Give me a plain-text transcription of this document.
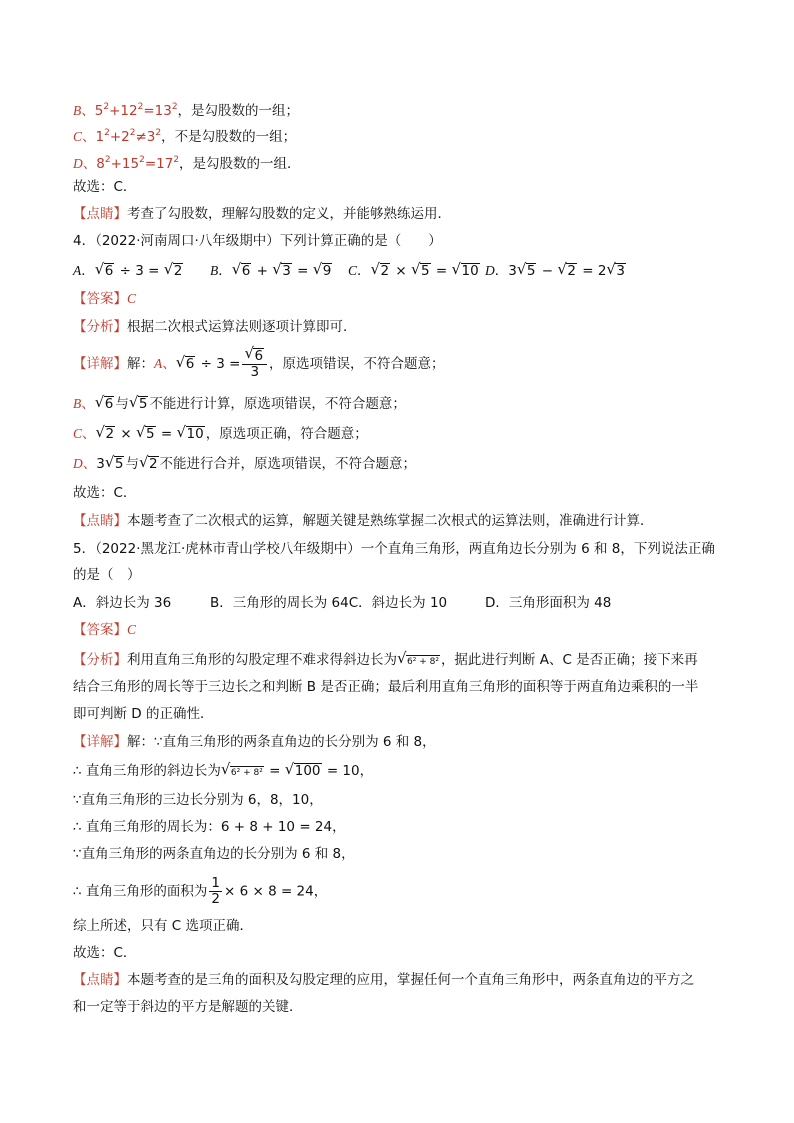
B、$5^2+12^2=13^2$，是勾股数的一组；
C、$1^2+2^2\ne 3^2$，不是勾股数的一组；
D、$8^2+15^2=17^2$，是勾股数的一组．
故选：C．
【点睛】考查了勾股数，理解勾股数的定义，并能够熟练运用．
4．（2022·河南周口·八年级期中）下列计算正确的是（　　）
A． √ 6 ÷ 3 = √ 2 B． √ 6 + √ 3 = √ 9 C． √ 2 × √ 5 = √ 10 D．3 √ 5 − √ 2 = 2 √ 3
【答案】C
【分析】根据二次根式运算法则逐项计算即可．
【详解】解：A、 √ 6 ÷ 3 = √ $\frac{6}{3}$ ，原选项错误，不符合题意；
B、 √ 6 与 √ 5 不能进行计算，原选项错误，不符合题意；
C、 √ 2 × √ 5 = √ 10 ，原选项正确，符合题意；
D、3 √ 5 与 √ 2 不能进行合并，原选项错误，不符合题意；
故选：C．
【点睛】本题考查了二次根式的运算，解题关键是熟练掌握二次根式的运算法则，准确进行计算．
5．（2022·黑龙江·虎林市青山学校八年级期中）一个直角三角形，两直角边长分别为 6 和 8，下列说法正确
的是（　）
A．斜边长为 36	B．三角形的周长为 64C．斜边长为 10	D．三角形面积为 48
【答案】C
【分析】利用直角三角形的勾股定理不难求得斜边长为 √ 6² + 8² ，据此进行判断 A、C 是否正确；接下来再
结合三角形的周长等于三边长之和判断 B 是否正确；最后利用直角三角形的面积等于两直角边乘积的一半
即可判断 D 的正确性．
【详解】解：∵直角三角形的两条直角边的长分别为 6 和 8，
∴ 直角三角形的斜边长为 √ 6² + 8² = √ 100 = 10，
∵直角三角形的三边长分别为 6，8，10，
∴ 直角三角形的周长为：6 + 8 + 10 = 24，
∵直角三角形的两条直角边的长分别为 6 和 8，
∴ 直角三角形的面积为 $\frac{1}{2} \times 6 \times 8 = 24$，
综上所述，只有 C 选项正确．
故选：C．
【点睛】本题考查的是三角的面积及勾股定理的应用，掌握任何一个直角三角形中，两条直角边的平方之
和一定等于斜边的平方是解题的关键．
